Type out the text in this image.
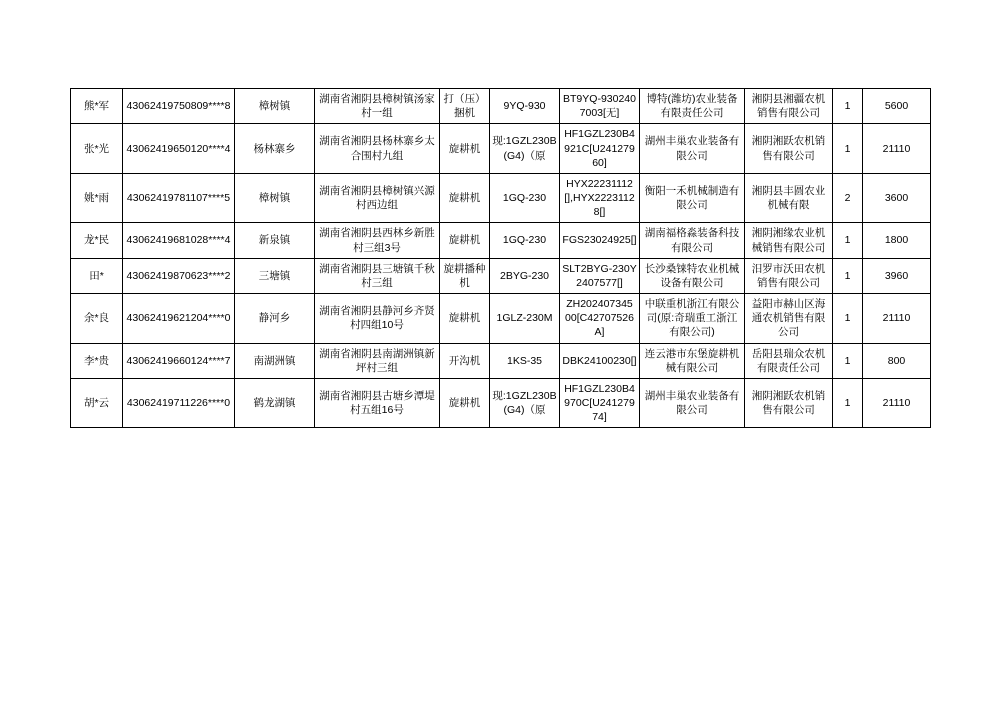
熊*军	43062419750809****8	樟树镇	湖南省湘阴县樟树镇汤家村一组	打（压）捆机	9YQ-930	BT9YQ-9302407003[无]	博特(潍坊)农业装备有限责任公司	湘阴县湘疆农机销售有限公司	1	5600
张*光	43062419650120****4	杨林寨乡	湖南省湘阴县杨林寨乡太合围村九组	旋耕机	现:1GZL230B(G4)（原	HF1GZL230B4921C[U24127960]	湖州丰巢农业装备有限公司	湘阴湘跃农机销售有限公司	1	21110
姚*雨	43062419781107****5	樟树镇	湖南省湘阴县樟树镇兴源村西边组	旋耕机	1GQ-230	HYX22231112[],HYX22231128[]	衡阳一禾机械制造有限公司	湘阴县丰圆农业机械有限	2	3600
龙*民	43062419681028****4	新泉镇	湖南省湘阴县西林乡新胜村三组3号	旋耕机	1GQ-230	FGS23024925[]	湖南福格淼装备科技有限公司	湘阴湘缘农业机械销售有限公司	1	1800
田*	43062419870623****2	三塘镇	湖南省湘阴县三塘镇千秋村三组	旋耕播种机	2BYG-230	SLT2BYG-230Y2407577[]	长沙桑铼特农业机械设备有限公司	汨罗市沃田农机销售有限公司	1	3960
余*良	43062419621204****0	静河乡	湖南省湘阴县静河乡齐贤村四组10号	旋耕机	1GLZ-230M	ZH202407345 00[C42707526A]	中联重机浙江有限公司(原:奇瑞重工浙江有限公司)	益阳市赫山区海通农机销售有限公司	1	21110
李*贵	43062419660124****7	南湖洲镇	湖南省湘阴县南湖洲镇新坪村三组	开沟机	1KS-35	DBK24100230[]	连云港市东堡旋耕机械有限公司	岳阳县瑞众农机有限责任公司	1	800
胡*云	43062419711226****0	鹤龙湖镇	湖南省湘阴县古塘乡潭堤村五组16号	旋耕机	现:1GZL230B(G4)（原	HF1GZL230B4970C[U24127974]	湖州丰巢农业装备有限公司	湘阴湘跃农机销售有限公司	1	21110
